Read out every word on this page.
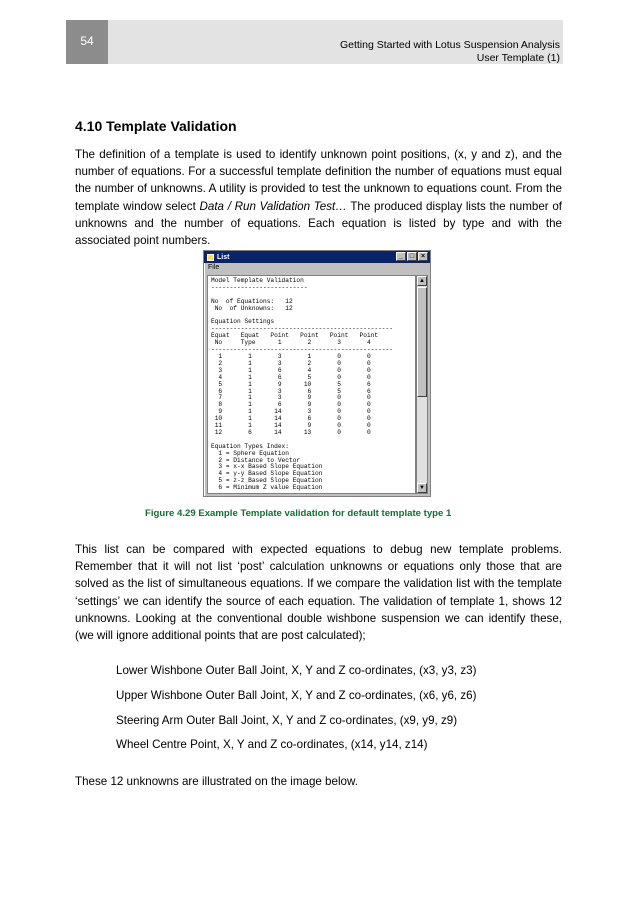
54	Getting Started with Lotus Suspension Analysis
User Template (1)
4.10 Template Validation

The definition of a template is used to identify unknown point positions, (x, y and z), and the number of equations. For a successful template definition the number of equations must equal the number of unknowns. A utility is provided to test the unknown to equations count. From the template window select Data / Run Validation Test… The produced display lists the number of unknowns and the number of equations. Each equation is listed by type and with the associated point numbers.

List	_ □ ×
File
Model Template Validation
--------------------------

No  of Equations:   12
No  of Unknowns:   12

Equation Settings
-------------------------------------------------
Equat   Equat   Point   Point   Point   Point
No     Type      1       2       3       4
-------------------------------------------------
1       1       3       1       0       0
2       1       3       2       0       0
3       1       6       4       0       0
4       1       6       5       0       0
5       1       9      10       5       6
6       1       3       6       5       6
7       1       3       9       0       0
8       1       6       9       0       0
9       1      14       3       0       0
10       1      14       6       0       0
11       1      14       9       0       0
12       6      14      13       0       0

Equation Types Index:
1 = Sphere Equation
2 = Distance to Vector
3 = x-x Based Slope Equation
4 = y-y Based Slope Equation
5 = z-z Based Slope Equation
6 = Minimum Z value Equation
▲
▼
Figure 4.29 Example Template validation for default template type 1

This list can be compared with expected equations to debug new template problems. Remember that it will not list ‘post’ calculation unknowns or equations only those that are solved as the list of simultaneous equations. If we compare the validation list with the template ‘settings’ we can identify the source of each equation. The validation of template 1, shows 12 unknowns. Looking at the conventional double wishbone suspension we can identify these, (we will ignore additional points that are post calculated);

Lower Wishbone Outer Ball Joint, X, Y and Z co-ordinates, (x3, y3, z3)
Upper Wishbone Outer Ball Joint, X, Y and Z co-ordinates, (x6, y6, z6)
Steering Arm Outer Ball Joint, X, Y and Z co-ordinates, (x9, y9, z9)
Wheel Centre Point, X, Y and Z co-ordinates, (x14, y14, z14)

These 12 unknowns are illustrated on the image below.
